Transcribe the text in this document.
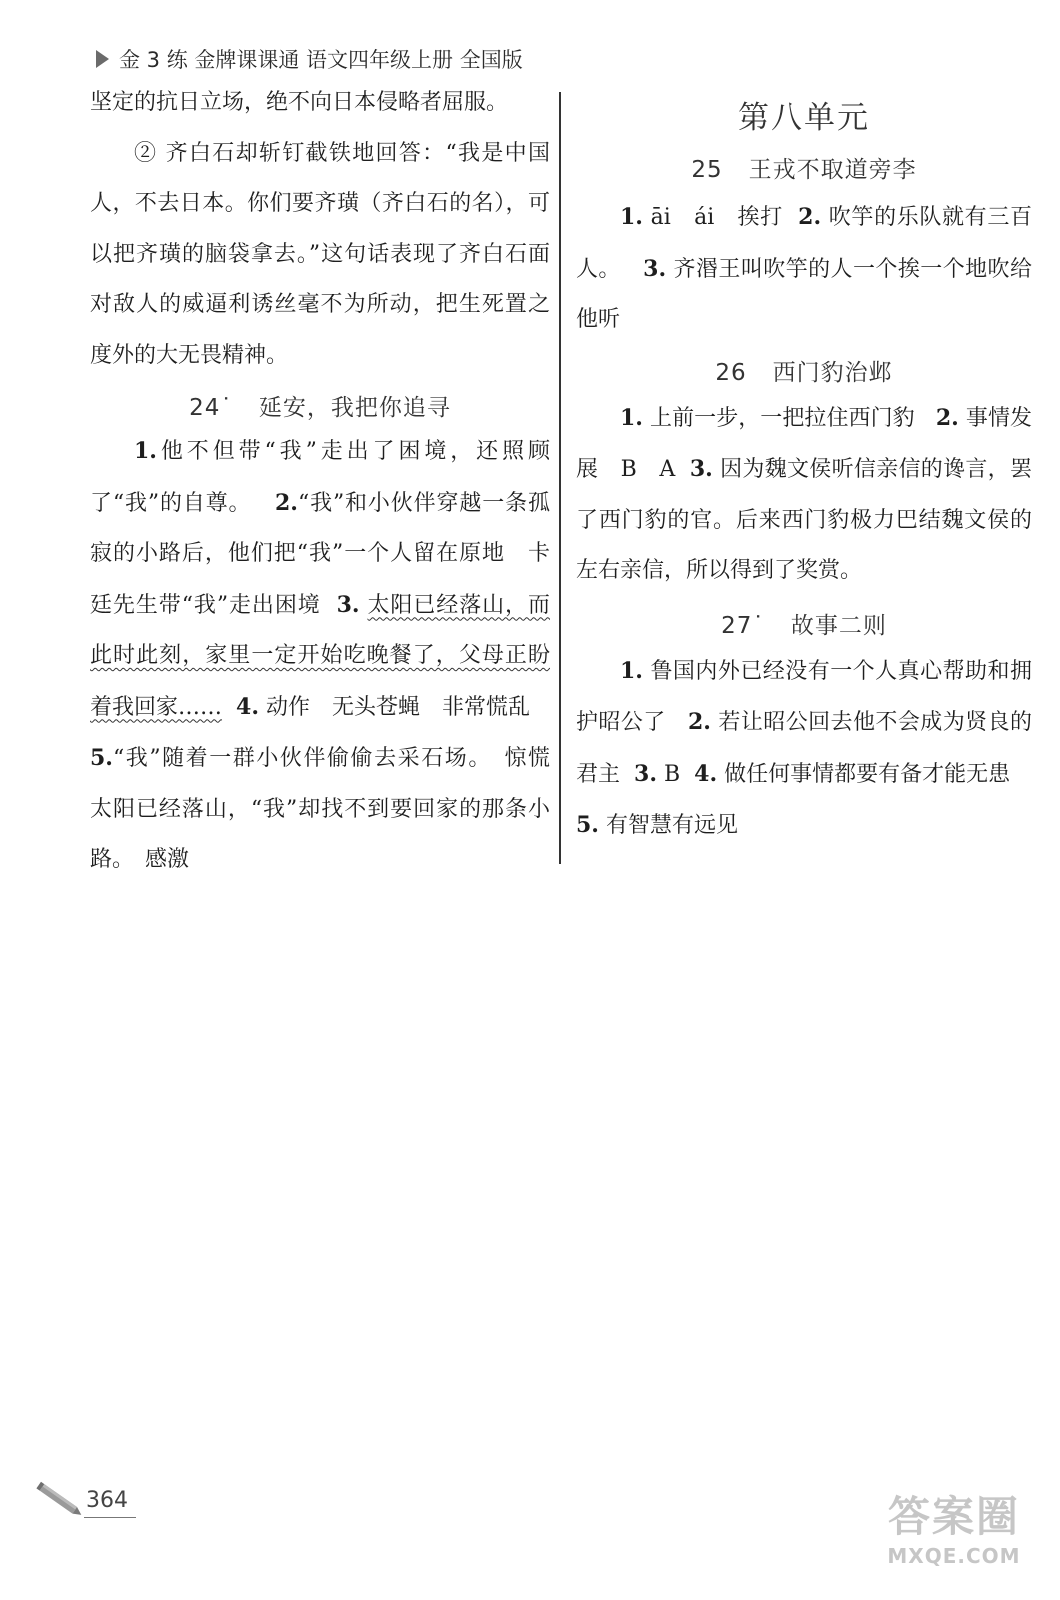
金 3 练 金牌课课通 语文四年级上册 全国版

坚定的抗日立场，绝不向日本侵略者屈服。

② 齐白石却斩钉截铁地回答：“我是中国人，不去日本。你们要齐璜（齐白石的名），可以把齐璜的脑袋拿去。”这句话表现了齐白石面对敌人的威逼利诱丝毫不为所动，把生死置之度外的大无畏精神。

24˙ 延安，我把你追寻

1.他不但带“我”走出了困境，还照顾了“我”的自尊。 2.“我”和小伙伴穿越一条孤寂的小路后，他们把“我”一个人留在原地　卡廷先生带“我”走出困境 3. 太阳已经落山，而此时此刻，家里一定开始吃晚餐了，父母正盼着我回家…… 4. 动作　无头苍蝇　非常慌乱

5.“我”随着一群小伙伴偷偷去采石场。　惊慌　太阳已经落山，“我”却找不到要回家的那条小路。　感激

第八单元

25 王戎不取道旁李

1. āi　ái　挨打 2. 吹竽的乐队就有三百人。 3. 齐湣王叫吹竽的人一个挨一个地吹给他听

26 西门豹治邺

1. 上前一步，一把拉住西门豹 2. 事情发展　B　A 3. 因为魏文侯听信亲信的谗言，罢了西门豹的官。后来西门豹极力巴结魏文侯的左右亲信，所以得到了奖赏。

27˙ 故事二则

1. 鲁国内外已经没有一个人真心帮助和拥护昭公了 2. 若让昭公回去他不会成为贤良的君主 3. B 4. 做任何事情都要有备才能无患

5. 有智慧有远见

364	答案圈
MXQE.COM
